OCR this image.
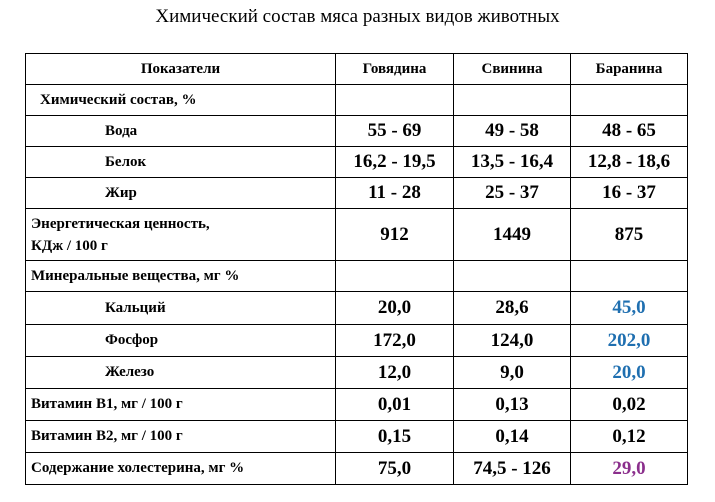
Химический состав мяса разных видов животных
Показатели	Говядина	Свинина	Баранина
Химический состав, %			
Вода	55 - 69	49 - 58	48 - 65
Белок	16,2 - 19,5	13,5 - 16,4	12,8 - 18,6
Жир	11 - 28	25 - 37	16 - 37

Энергетическая ценность,
КДж / 100 г	912	1449	875
Минеральные вещества, мг %			
Кальций	20,0	28,6	45,0
Фосфор	172,0	124,0	202,0
Железо	12,0	9,0	20,0
Витамин B1, мг / 100 г	0,01	0,13	0,02
Витамин B2, мг / 100 г	0,15	0,14	0,12
Содержание холестерина, мг %	75,0	74,5 - 126	29,0
